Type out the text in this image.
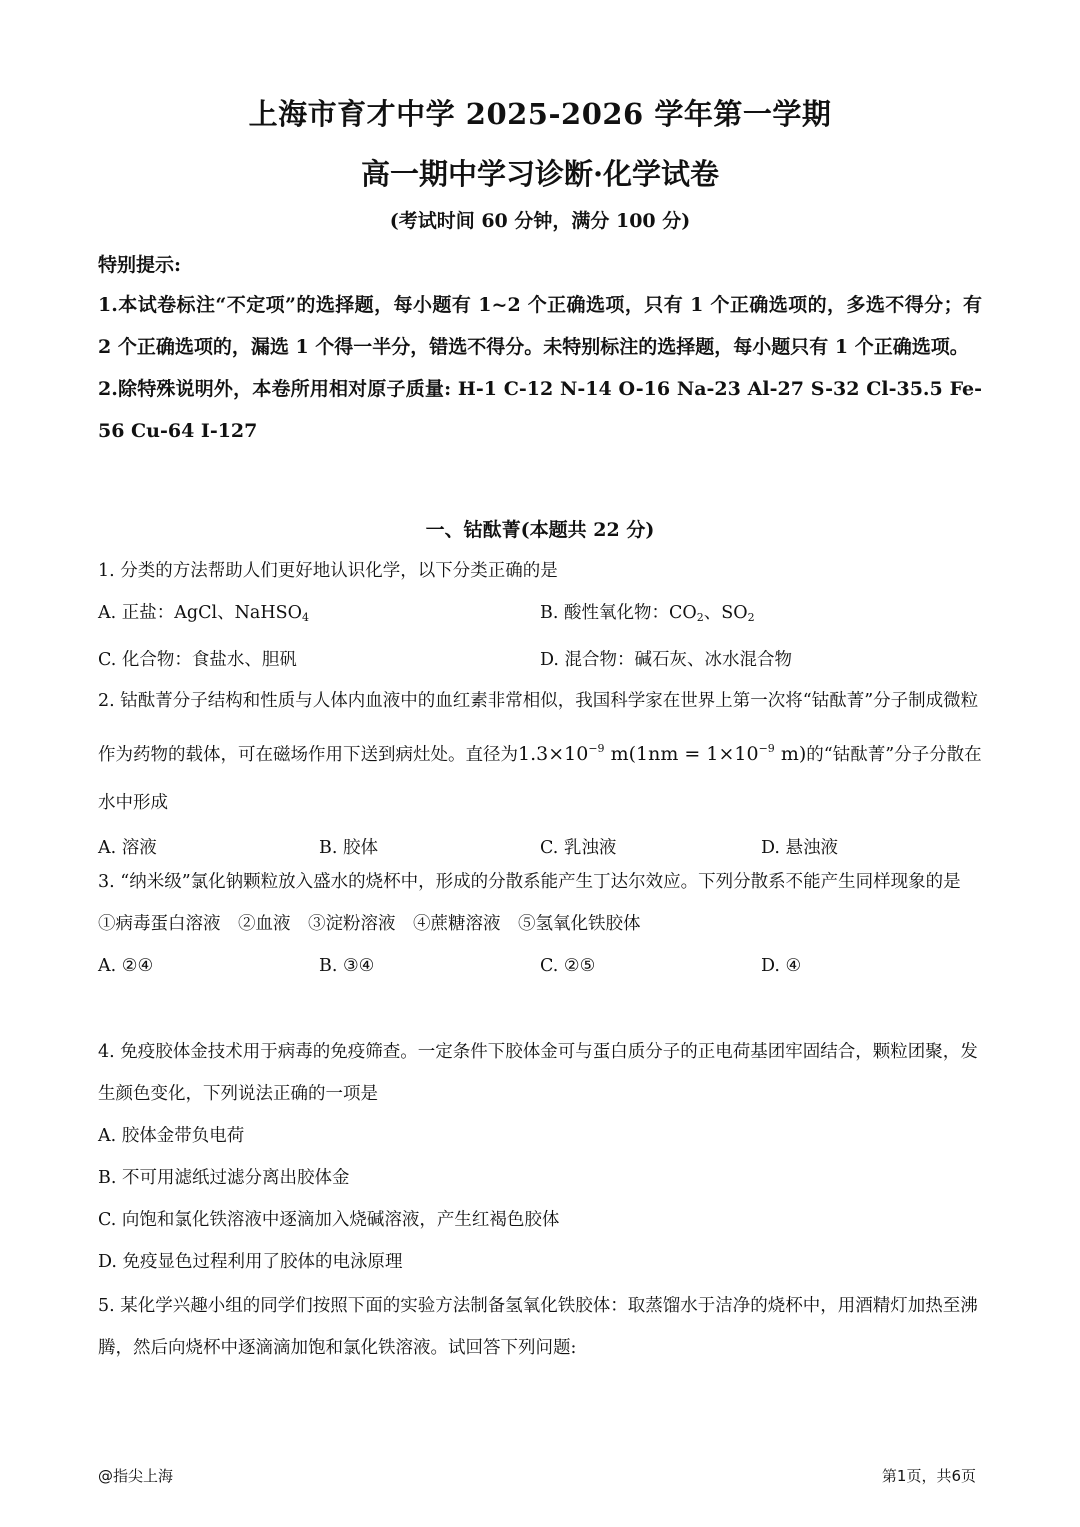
上海市育才中学 2025-2026 学年第一学期
高一期中学习诊断·化学试卷
(考试时间 60 分钟，满分 100 分)
特别提示:
1.本试卷标注“不定项”的选择题，每小题有 1~2 个正确选项，只有 1 个正确选项的，多选不得分；有 2 个正确选项的，漏选 1 个得一半分，错选不得分。未特别标注的选择题，每小题只有 1 个正确选项。
2.除特殊说明外，本卷所用相对原子质量: H-1 C-12 N-14 O-16 Na-23 Al-27 S-32 Cl-35.5 Fe-56 Cu-64 I-127
一、钴酞菁(本题共 22 分)

1. 分类的方法帮助人们更好地认识化学，以下分类正确的是

A. 正盐：AgCl、NaHSO$_4$	B. 酸性氧化物：$CO_2$、$SO_2$
C. 化合物：食盐水、胆矾	D. 混合物：碱石灰、冰水混合物

2. 钴酞菁分子结构和性质与人体内血液中的血红素非常相似，我国科学家在世界上第一次将“钴酞菁”分子制成微粒作为药物的载体，可在磁场作用下送到病灶处。直径为$1.3\times 10^{-9}$ $m(1nm = 1\times 10^{-9}$ m)的“钴酞菁”分子分散在水中形成

A. 溶液	B. 胶体	C. 乳浊液	D. 悬浊液

3. “纳米级”氯化钠颗粒放入盛水的烧杯中，形成的分散系能产生丁达尔效应。下列分散系不能产生同样现象的是

①病毒蛋白溶液　②血液　③淀粉溶液　④蔗糖溶液　⑤氢氧化铁胶体

A. ②④	B. ③④	C. ②⑤	D. ④

4. 免疫胶体金技术用于病毒的免疫筛查。一定条件下胶体金可与蛋白质分子的正电荷基团牢固结合，颗粒团聚，发生颜色变化，下列说法正确的一项是

A. 胶体金带负电荷

B. 不可用滤纸过滤分离出胶体金

C. 向饱和氯化铁溶液中逐滴加入烧碱溶液，产生红褐色胶体

D. 免疫显色过程利用了胶体的电泳原理

5. 某化学兴趣小组的同学们按照下面的实验方法制备氢氧化铁胶体：取蒸馏水于洁净的烧杯中，用酒精灯加热至沸腾，然后向烧杯中逐滴滴加饱和氯化铁溶液。试回答下列问题:

@指尖上海	第1页，共6页
